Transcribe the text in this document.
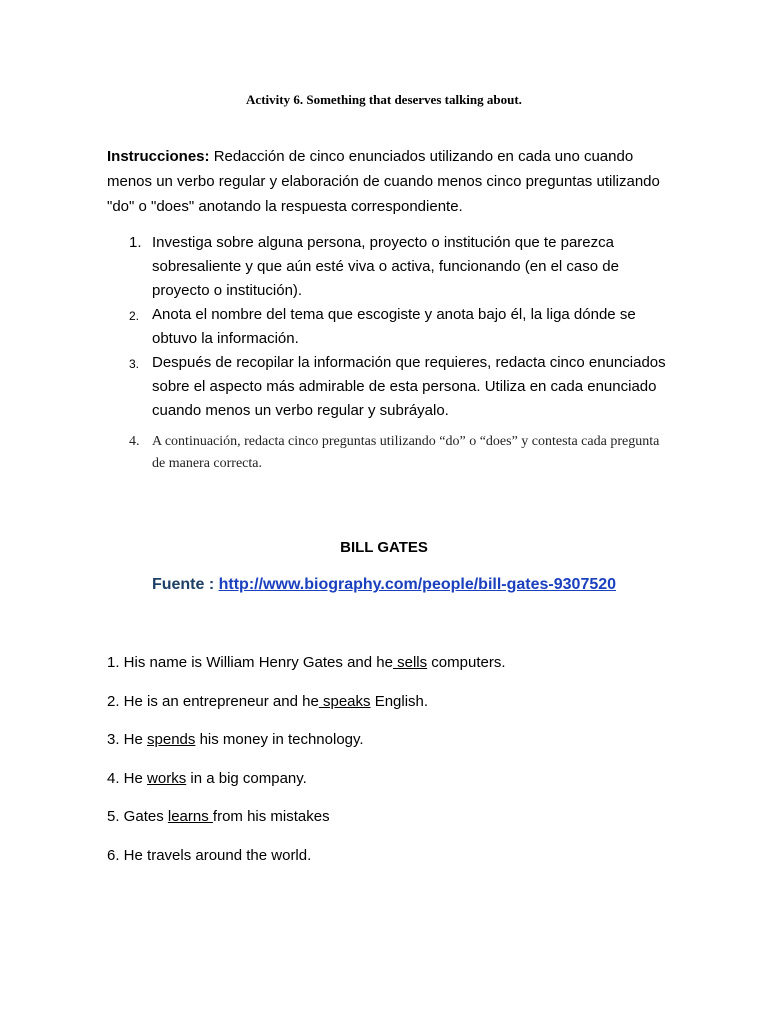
Activity 6. Something that deserves talking about.
Instrucciones: Redacción de cinco enunciados utilizando en cada uno cuando menos un verbo regular y elaboración de cuando menos cinco preguntas utilizando "do" o "does" anotando la respuesta correspondiente.
1. Investiga sobre alguna persona, proyecto o institución que te parezca sobresaliente y que aún esté viva o activa, funcionando (en el caso de proyecto o institución).
2. Anota el nombre del tema que escogiste y anota bajo él, la liga dónde se obtuvo la información.
3. Después de recopilar la información que requieres, redacta cinco enunciados sobre el aspecto más admirable de esta persona. Utiliza en cada enunciado cuando menos un verbo regular y subráyalo.
4. A continuación, redacta cinco preguntas utilizando “do” o “does” y contesta cada pregunta de manera correcta.
BILL GATES
Fuente : http://www.biography.com/people/bill-gates-9307520
1. His name is William Henry Gates and he sells computers.
2. He is an entrepreneur and he speaks English.
3. He spends his money in technology.
4. He works in a big company.
5. Gates learns from his mistakes
6. He travels around the world.
